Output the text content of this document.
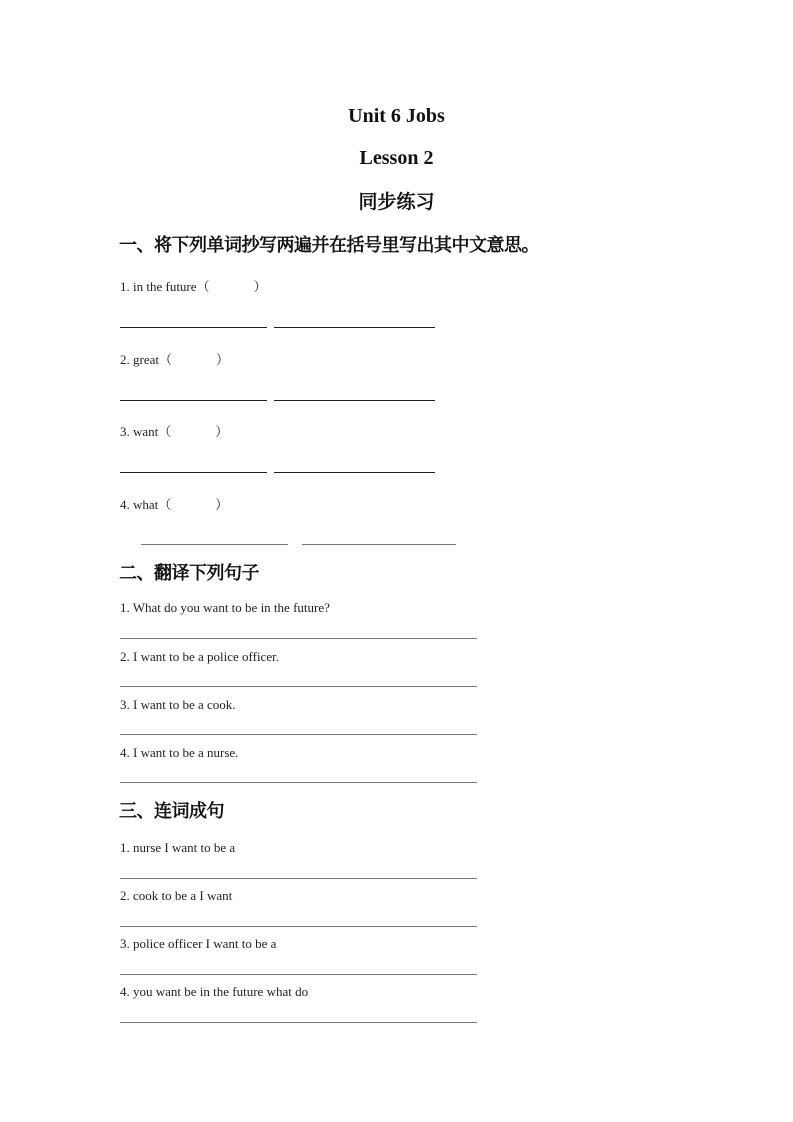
Unit 6 Jobs
Lesson 2
同步练习
一、将下列单词抄写两遍并在括号里写出其中文意思。
1. in the future（	）
2. great（	）
3. want（	）
4. what（	）
二、翻译下列句子
1. What do you want to be in the future?
2. I want to be a police officer.
3. I want to be a cook.
4. I want to be a nurse.
三、连词成句
1. nurse I want to be a
2. cook to be a I want
3. police officer I want to be a
4. you want be in the future what do
